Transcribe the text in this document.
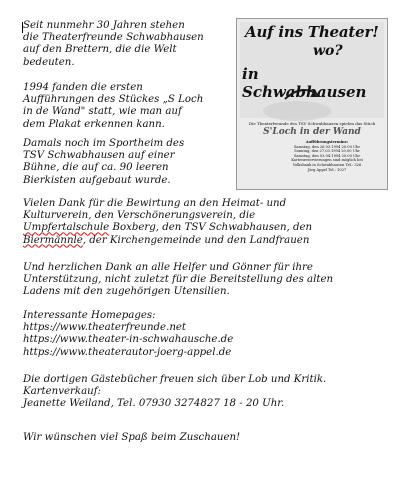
Seit nunmehr 30 Jahren stehen
die Theaterfreunde Schwabhausen
auf den Brettern, die die Welt
bedeuten.

1994 fanden die ersten
Aufführungen des Stückes „S Loch
in de Wand" statt, wie man auf
dem Plakat erkennen kann.

Damals noch im Sportheim des
TSV Schwabhausen auf einer
Bühne, die auf ca. 90 leeren
Bierkisten aufgebaut wurde.

Auf ins Theater!
wo?
in Schwabhausen
Die Theaterfreunde des TSV Schwabhausen spielen das Stück
S'Loch in der Wand
Aufführungstermine:
Samstag, den 26.03.1994 20.00 Uhr
Sonntag, den 27.03.1994 20.00 Uhr
Samstag, den 03.04.1994 20.00 Uhr
Kartenreservierungen sind möglich bei
Volksbank in Schwabhausen Tel.: 326
Jörg Appel Tel.: 1027

Vielen Dank für die Bewirtung an den Heimat- und
Kulturverein, den Verschönerungsverein, die
Umpfertalschule Boxberg, den TSV Schwabhausen, den
Biermännle, der Kirchengemeinde und den Landfrauen

Und herzlichen Dank an alle Helfer und Gönner für ihre
Unterstützung, nicht zuletzt für die Bereitstellung des alten
Ladens mit den zugehörigen Utensilien.

Interessante Homepages:
https://www.theaterfreunde.net
https://www.theater-in-schwahausche.de
https://www.theaterautor-joerg-appel.de

Die dortigen Gästebücher freuen sich über Lob und Kritik.
Kartenverkauf:
Jeanette Weiland, Tel. 07930 3274827 18 - 20 Uhr.

Wir wünschen viel Spaß beim Zuschauen!
